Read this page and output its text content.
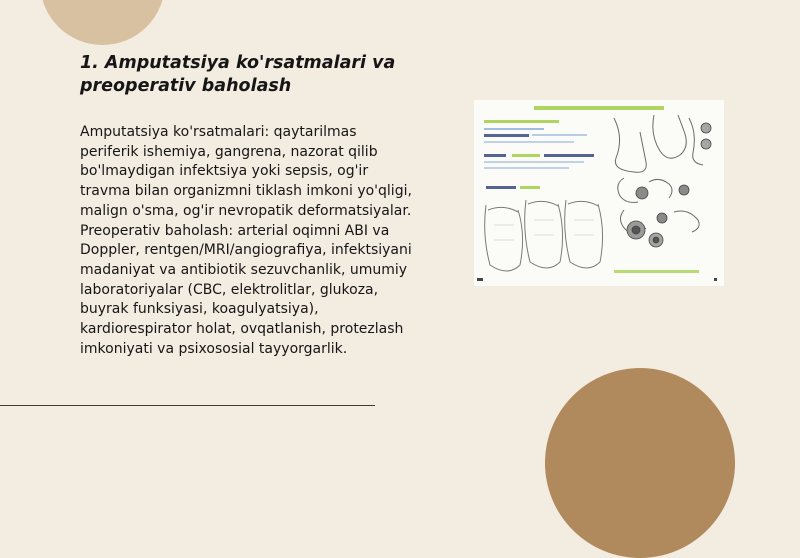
1. Amputatsiya ko'rsatmalari va preoperativ baholash

Amputatsiya ko'rsatmalari: qaytarilmas periferik ishemiya, gangrena, nazorat qilib bo'lmaydigan infektsiya yoki sepsis, og'ir travma bilan organizmni tiklash imkoni yo'qligi, malign o'sma, og'ir nevropatik deformatsiyalar. Preoperativ baholash: arterial oqimni ABI va Doppler, rentgen/MRI/angiografiya, infektsiyani madaniyat va antibiotik sezuvchanlik, umumiy laboratoriyalar (CBC, elektrolitlar, glukoza, buyrak funksiyasi, koagulyatsiya), kardiorespirator holat, ovqatlanish, protezlash imkoniyati va psixososial tayyorgarlik.
